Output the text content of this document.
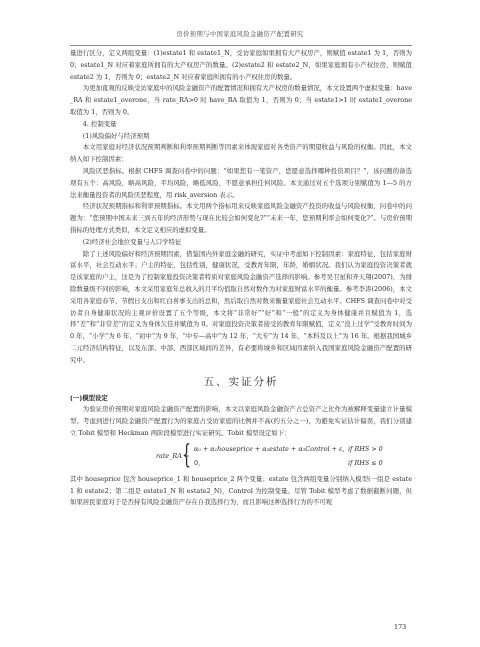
房价预期与中国家庭风险金融资产配置研究

量进行区分，定义两组变量：(1)estate1 和 estate1_N，受访家庭如果拥有大产权房产，则赋值 estate1 为 1，否则为 0；estate1_N 对应着家庭所拥有的大产权房产的数量。(2)estate2 和 estate2_N，如果家庭拥有小产权住房，则赋值 estate2 为 1，否则为 0；estate2_N 对应着家庭所拥有的小产权住房的数量。

为更加直观的反映受访家庭中的风险金融资产的配置情况和拥有大产权房的数量情况，本文设置两个虚拟变量：have_RA 和 estate1_overone，当 rate_RA>0 时 have_RA 取值为 1，否则为 0；当 estate1>1 时 estate1_overone 取值为 1，否则为 0。

4. 控制变量
(1)风险偏好与经济预期

本文用家庭对经济状况预期判断和利率预期判断等因素来体现家庭对各类资产的期望收益与风险的权衡。因此，本文纳入如下控制因素：

风险厌恶指标。根据 CHFS 调查问卷中的问题：“如果您有一笔资产，您愿意选择哪种投资项目？”，该问题的备选项有五个：高风险，略高风险，平均风险，略低风险，不愿意承担任何风险。本文通过对五个选项分别赋值为 1—5 的方法来衡量投资者的风险厌恶程度，用 risk_aversion 表示。

经济状况预期指标和利率预期指标。本文用两个指标用来反映家庭风险金融资产投资的收益与风险权衡，问卷中的问题为：“您预期中国未来三到五年的经济形势与现在比较会如何变化?”“未来一年，您预期利率会如何变化?”。与房价预期指标的处理方式类似，本文定义相应的虚拟变量。

(2)经济社会地位变量与人口学特征

除了上述风险偏好和经济预期因素，借鉴国内外家庭金融的研究，实证中考虑如下控制因素：家庭特征，包括家庭财富水平，社会互动水平；户主的特征，包括性别，健康状况，受教育年限，年龄，婚姻状况。我们认为家庭投资决策者就是该家庭的户主，这是为了控制家庭投资决策者特质对家庭风险金融资产选择的影响。参考吴卫星和齐天翔(2007)，为排除数量级不同的影响，本文采用家庭年总收入的月平均值取自然对数作为对家庭财富水平的衡量。参考李涛(2006)，本文采用各家庭春节、节假日支出和红白喜事支出的总和，然后取自然对数来衡量家庭社会互动水平。CHFS 调查问卷中对受访者自身健康状况的主观评价设置了五个等级，本文将“非常好”“好”和“一般”的定义为身体健康并且赋值为 1，选择“差”和“非常差”的定义为身体欠佳并赋值为 0。对家庭投资决策者接受的教育年限赋值，定义“没上过学”受教育时间为 0 年，“小学”为 6 年，“初中”为 9 年，“中专—高中”为 12 年，“大专”为 14 年，“本科及以上”为 16 年。根据我国城乡二元经济结构特征，以及东部、中部、西部区域间的差异，有必要将城乡和区域因素纳入我国家庭风险金融资产配置的研究中。

五、实证分析
(一)模型设定

为验证房价预期对家庭风险金融资产配置的影响，本文以家庭风险金融资产占总资产之比作为被解释变量建立计量模型。考虑到进行风险金融资产配置行为的家庭占受访家庭的比例并不高(约五分之一)，为避免实证估计偏误，我们分别建立 Tobit 模型和 Heckman 两阶段模型进行实证研究。Tobit 模型设定如下：

rate_RA =
{ α₀ + α₁houseprice + α₂estate + α₃Control + ε, if RHS > 0
0,	if RHS ≤ 0

其中 houseprice 包含 houseprice_1 和 houseprice_2 两个变量；estate 包含两组变量分别纳入模型(一组是 estate1 和 estate2；第二组是 estate1_N 和 estate2_N)，Control 为控制变量。尽管 Tobit 模型考虑了数据截断问题，但如果居民家庭对于是否持有风险金融资产存在自我选择行为，而且影响这种选择行为的不可观

173
